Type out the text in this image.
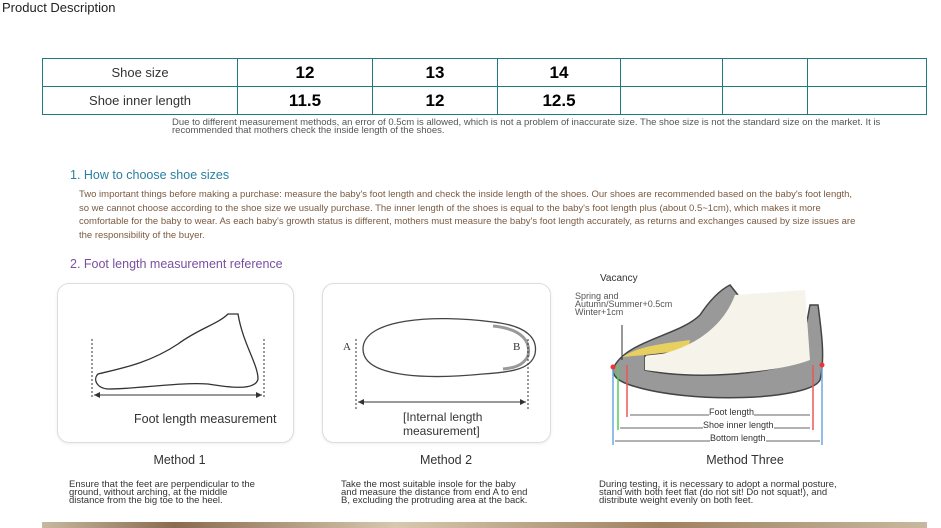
Product Description
Shoe size	12	13	14			
Shoe inner length	11.5	12	12.5			
Due to different measurement methods, an error of 0.5cm is allowed, which is not a problem of inaccurate size. The shoe size is not the standard size on the market. It is recommended that mothers check the inside length of the shoes.
1. How to choose shoe sizes
Two important things before making a purchase: measure the baby's foot length and check the inside length of the shoes. Our shoes are recommended based on the baby's foot length, so we cannot choose according to the shoe size we usually purchase. The inner length of the shoes is equal to the baby's foot length plus (about 0.5~1cm), which makes it more comfortable for the baby to wear. As each baby's growth status is different, mothers must measure the baby's foot length accurately, as returns and exchanges caused by size issues are the responsibility of the buyer.
2. Foot length measurement reference
Foot length measurement
A	B
[Internal length measurement]
Vacancy
Spring and Autumn/Summer+0.5cm Winter+1cm
Foot length
Shoe inner length
Bottom length
Method 1	Method 2	Method Three
Ensure that the feet are perpendicular to the ground, without arching, at the middle distance from the big toe to the heel.
Take the most suitable insole for the baby and measure the distance from end A to end B, excluding the protruding area at the back.
During testing, it is necessary to adopt a normal posture, stand with both feet flat (do not sit! Do not squat!), and distribute weight evenly on both feet.
